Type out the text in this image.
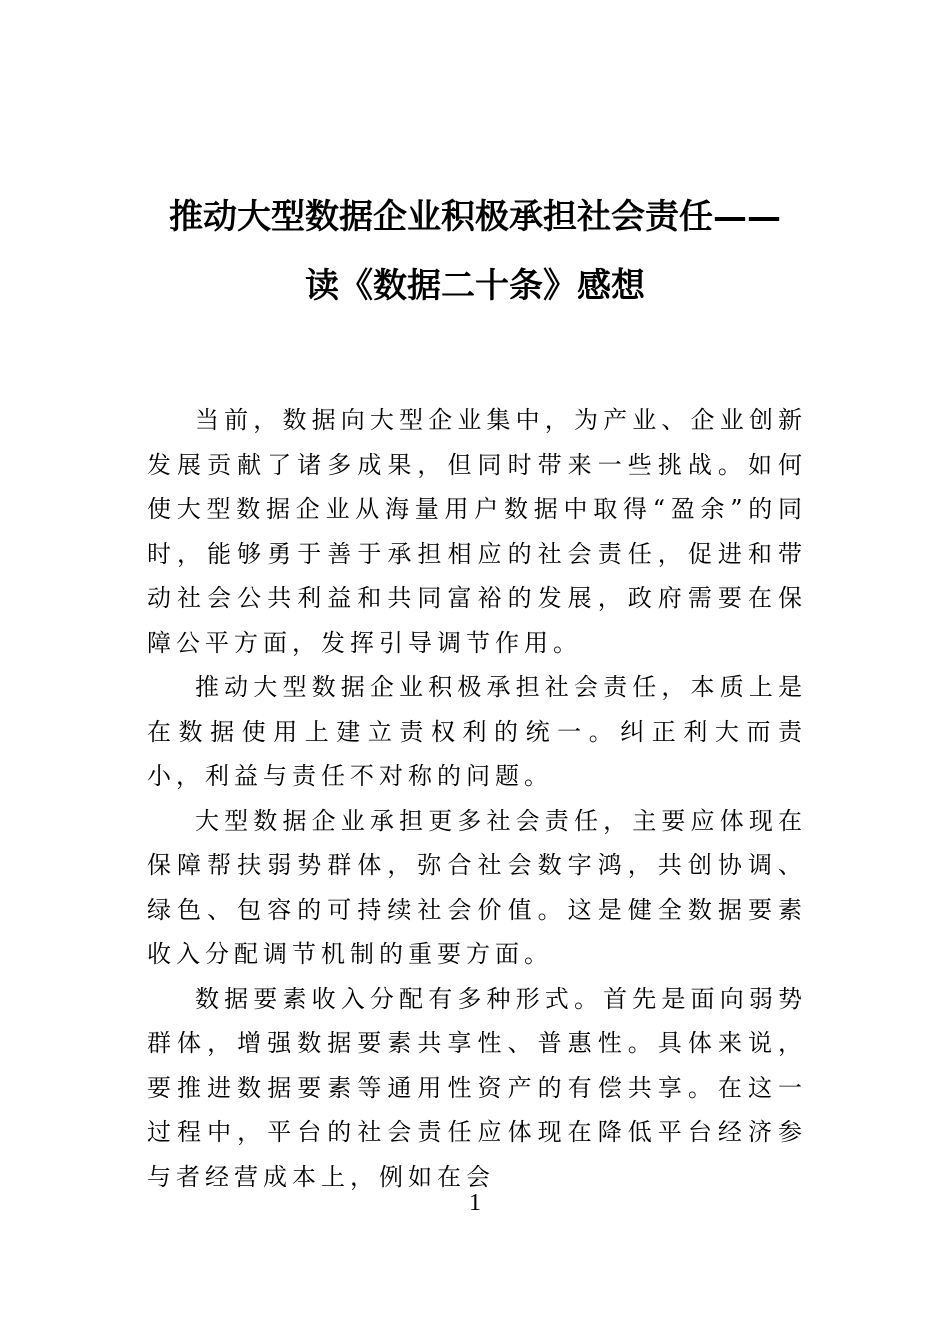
推动大型数据企业积极承担社会责任——
读《数据二十条》感想

当前，数据向大型企业集中，为产业、企业创新发展贡献了诸多成果，但同时带来一些挑战。如何使大型数据企业从海量用户数据中取得“盈余”的同时，能够勇于善于承担相应的社会责任，促进和带动社会公共利益和共同富裕的发展，政府需要在保障公平方面，发挥引导调节作用。

推动大型数据企业积极承担社会责任，本质上是在数据使用上建立责权利的统一。纠正利大而责小，利益与责任不对称的问题。

大型数据企业承担更多社会责任，主要应体现在保障帮扶弱势群体，弥合社会数字鸿，共创协调、绿色、包容的可持续社会价值。这是健全数据要素收入分配调节机制的重要方面。

数据要素收入分配有多种形式。首先是面向弱势群体，增强数据要素共享性、普惠性。具体来说，要推进数据要素等通用性资产的有偿共享。在这一过程中，平台的社会责任应体现在降低平台经济参与者经营成本上，例如在会

1
